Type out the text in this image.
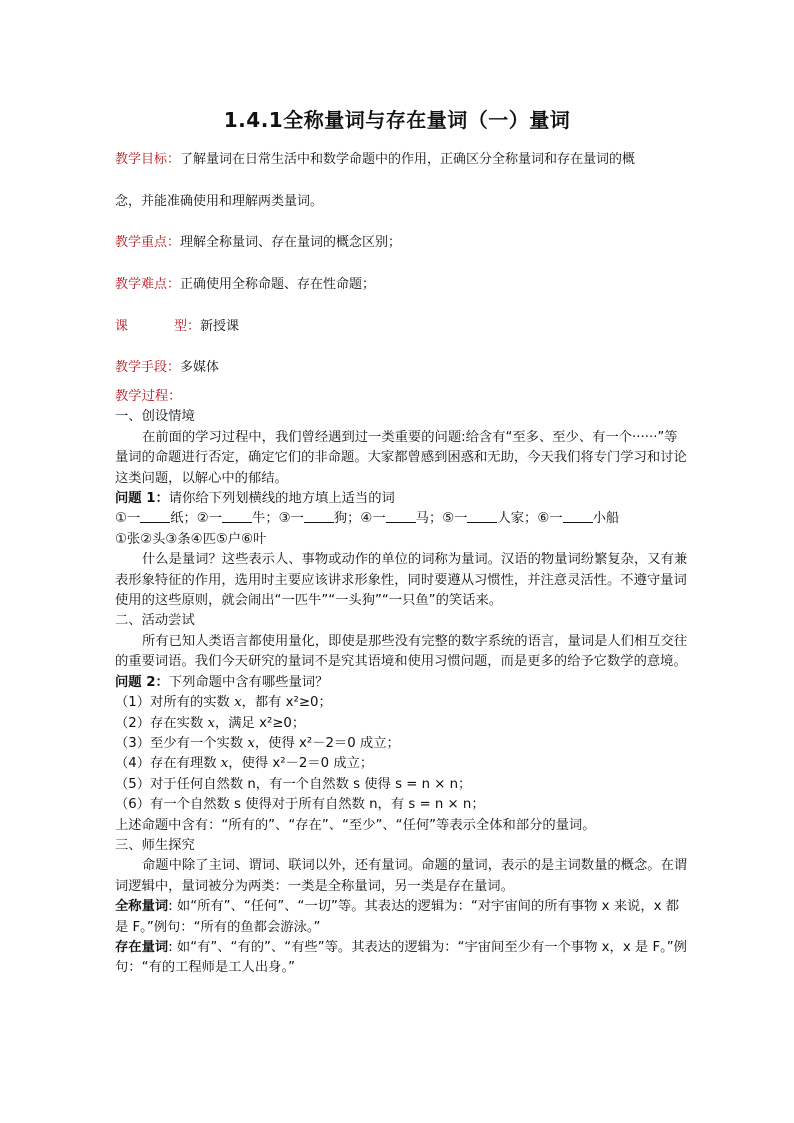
1.4.1全称量词与存在量词（一）量词
教学目标：了解量词在日常生活中和数学命题中的作用，正确区分全称量词和存在量词的概
念，并能准确使用和理解两类量词。
教学重点：理解全称量词、存在量词的概念区别；
教学难点：正确使用全称命题、存在性命题；
课	型：新授课
教学手段：多媒体

教学过程：

一、创设情境

在前面的学习过程中，我们曾经遇到过一类重要的问题:给含有“至多、至少、有一个······”等量词的命题进行否定，确定它们的非命题。大家都曾感到困惑和无助，今天我们将专门学习和讨论这类问题，以解心中的郁结。

问题 1：请你给下列划横线的地方填上适当的词

①一 纸；②一 牛；③一 狗；④一 马；⑤一 人家；⑥一 小船

①张②头③条④匹⑤户⑥叶

什么是量词？这些表示人、事物或动作的单位的词称为量词。汉语的物量词纷繁复杂，又有兼表形象特征的作用，选用时主要应该讲求形象性，同时要遵从习惯性，并注意灵活性。不遵守量词使用的这些原则，就会闹出“一匹牛”“一头狗”“一只鱼”的笑话来。

二、活动尝试

所有已知人类语言都使用量化，即使是那些没有完整的数字系统的语言，量词是人们相互交往的重要词语。我们今天研究的量词不是究其语境和使用习惯问题，而是更多的给予它数学的意境。

问题 2：下列命题中含有哪些量词？

（1）对所有的实数 x，都有 x²≥0；

（2）存在实数 x，满足 x²≥0；

（3）至少有一个实数 x，使得 x²－2＝0 成立；

（4）存在有理数 x，使得 x²－2＝0 成立；

（5）对于任何自然数 n，有一个自然数 s 使得 s = n × n；

（6）有一个自然数 s 使得对于所有自然数 n，有 s = n × n；

上述命题中含有：“所有的”、“存在”、“至少”、“任何”等表示全体和部分的量词。

三、师生探究

命题中除了主词、谓词、联词以外，还有量词。命题的量词，表示的是主词数量的概念。在谓词逻辑中，量词被分为两类：一类是全称量词，另一类是存在量词。

全称量词: 如“所有”、“任何”、“一切”等。其表达的逻辑为：“对宇宙间的所有事物 x 来说，x 都是 F。”例句：“所有的鱼都会游泳。”

存在量词: 如“有”、“有的”、“有些”等。其表达的逻辑为：“宇宙间至少有一个事物 x，x 是 F。”例句：“有的工程师是工人出身。”
